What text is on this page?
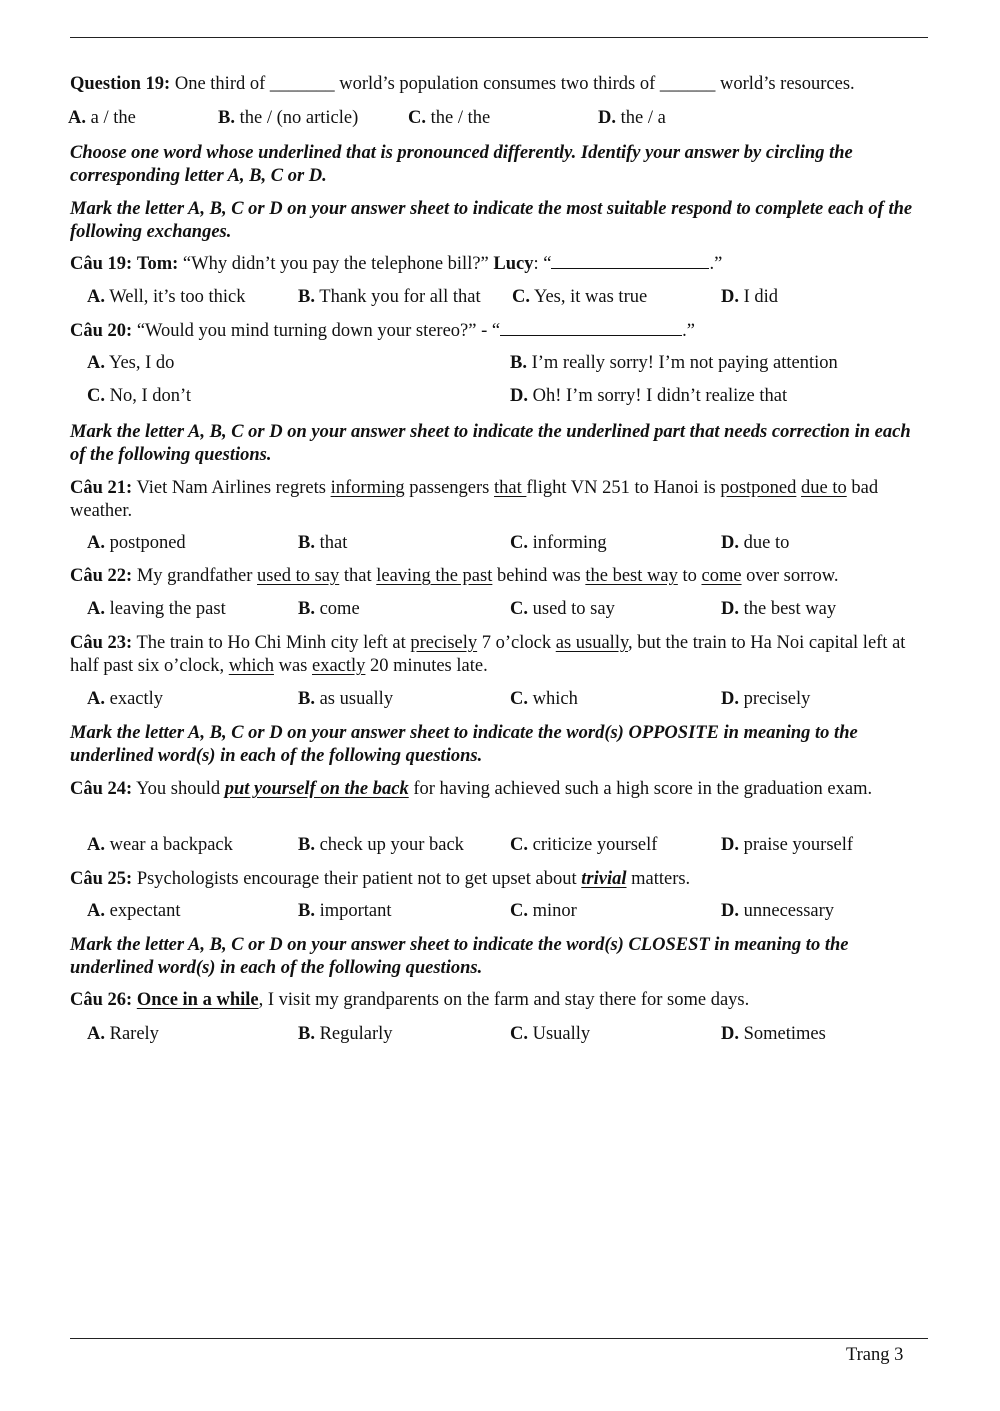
Question 19: One third of _______ world’s population consumes two thirds of ______ world’s resources.
A. a / the	B. the / (no article)	C. the / the	D. the / a
Choose one word whose underlined that is pronounced differently. Identify your answer by circling the corresponding letter A, B, C or D.
Mark the letter A, B, C or D on your answer sheet to indicate the most suitable respond to complete each of the following exchanges.
Câu 19: Tom: “Why didn’t you pay the telephone bill?” Lucy: “	.”
A. Well, it’s too thick	B. Thank you for all that C. Yes, it was true	D. I did
Câu 20: “Would you mind turning down your stereo?” - “	.”
A. Yes, I do	B. I’m really sorry! I’m not paying attention
C. No, I don’t	D. Oh! I’m sorry! I didn’t realize that
Mark the letter A, B, C or D on your answer sheet to indicate the underlined part that needs correction in each of the following questions.
Câu 21: Viet Nam Airlines regrets informing passengers that flight VN 251 to Hanoi is postponed due to bad weather.
A. postponed	B. that	C. informing	D. due to
Câu 22: My grandfather used to say that leaving the past behind was the best way to come over sorrow.
A. leaving the past	B. come	C. used to say	D. the best way
Câu 23: The train to Ho Chi Minh city left at precisely 7 o’clock as usually, but the train to Ha Noi capital left at half past six o’clock, which was exactly 20 minutes late.
A. exactly	B. as usually	C. which	D. precisely
Mark the letter A, B, C or D on your answer sheet to indicate the word(s) OPPOSITE in meaning to the underlined word(s) in each of the following questions.
Câu 24: You should put yourself on the back for having achieved such a high score in the graduation exam.
A. wear a backpack	B. check up your back C. criticize yourself	D. praise yourself
Câu 25: Psychologists encourage their patient not to get upset about trivial matters.
A. expectant	B. important	C. minor	D. unnecessary
Mark the letter A, B, C or D on your answer sheet to indicate the word(s) CLOSEST in meaning to the underlined word(s) in each of the following questions.
Câu 26: Once in a while, I visit my grandparents on the farm and stay there for some days.
A. Rarely	B. Regularly	C. Usually	D. Sometimes
Trang 3
